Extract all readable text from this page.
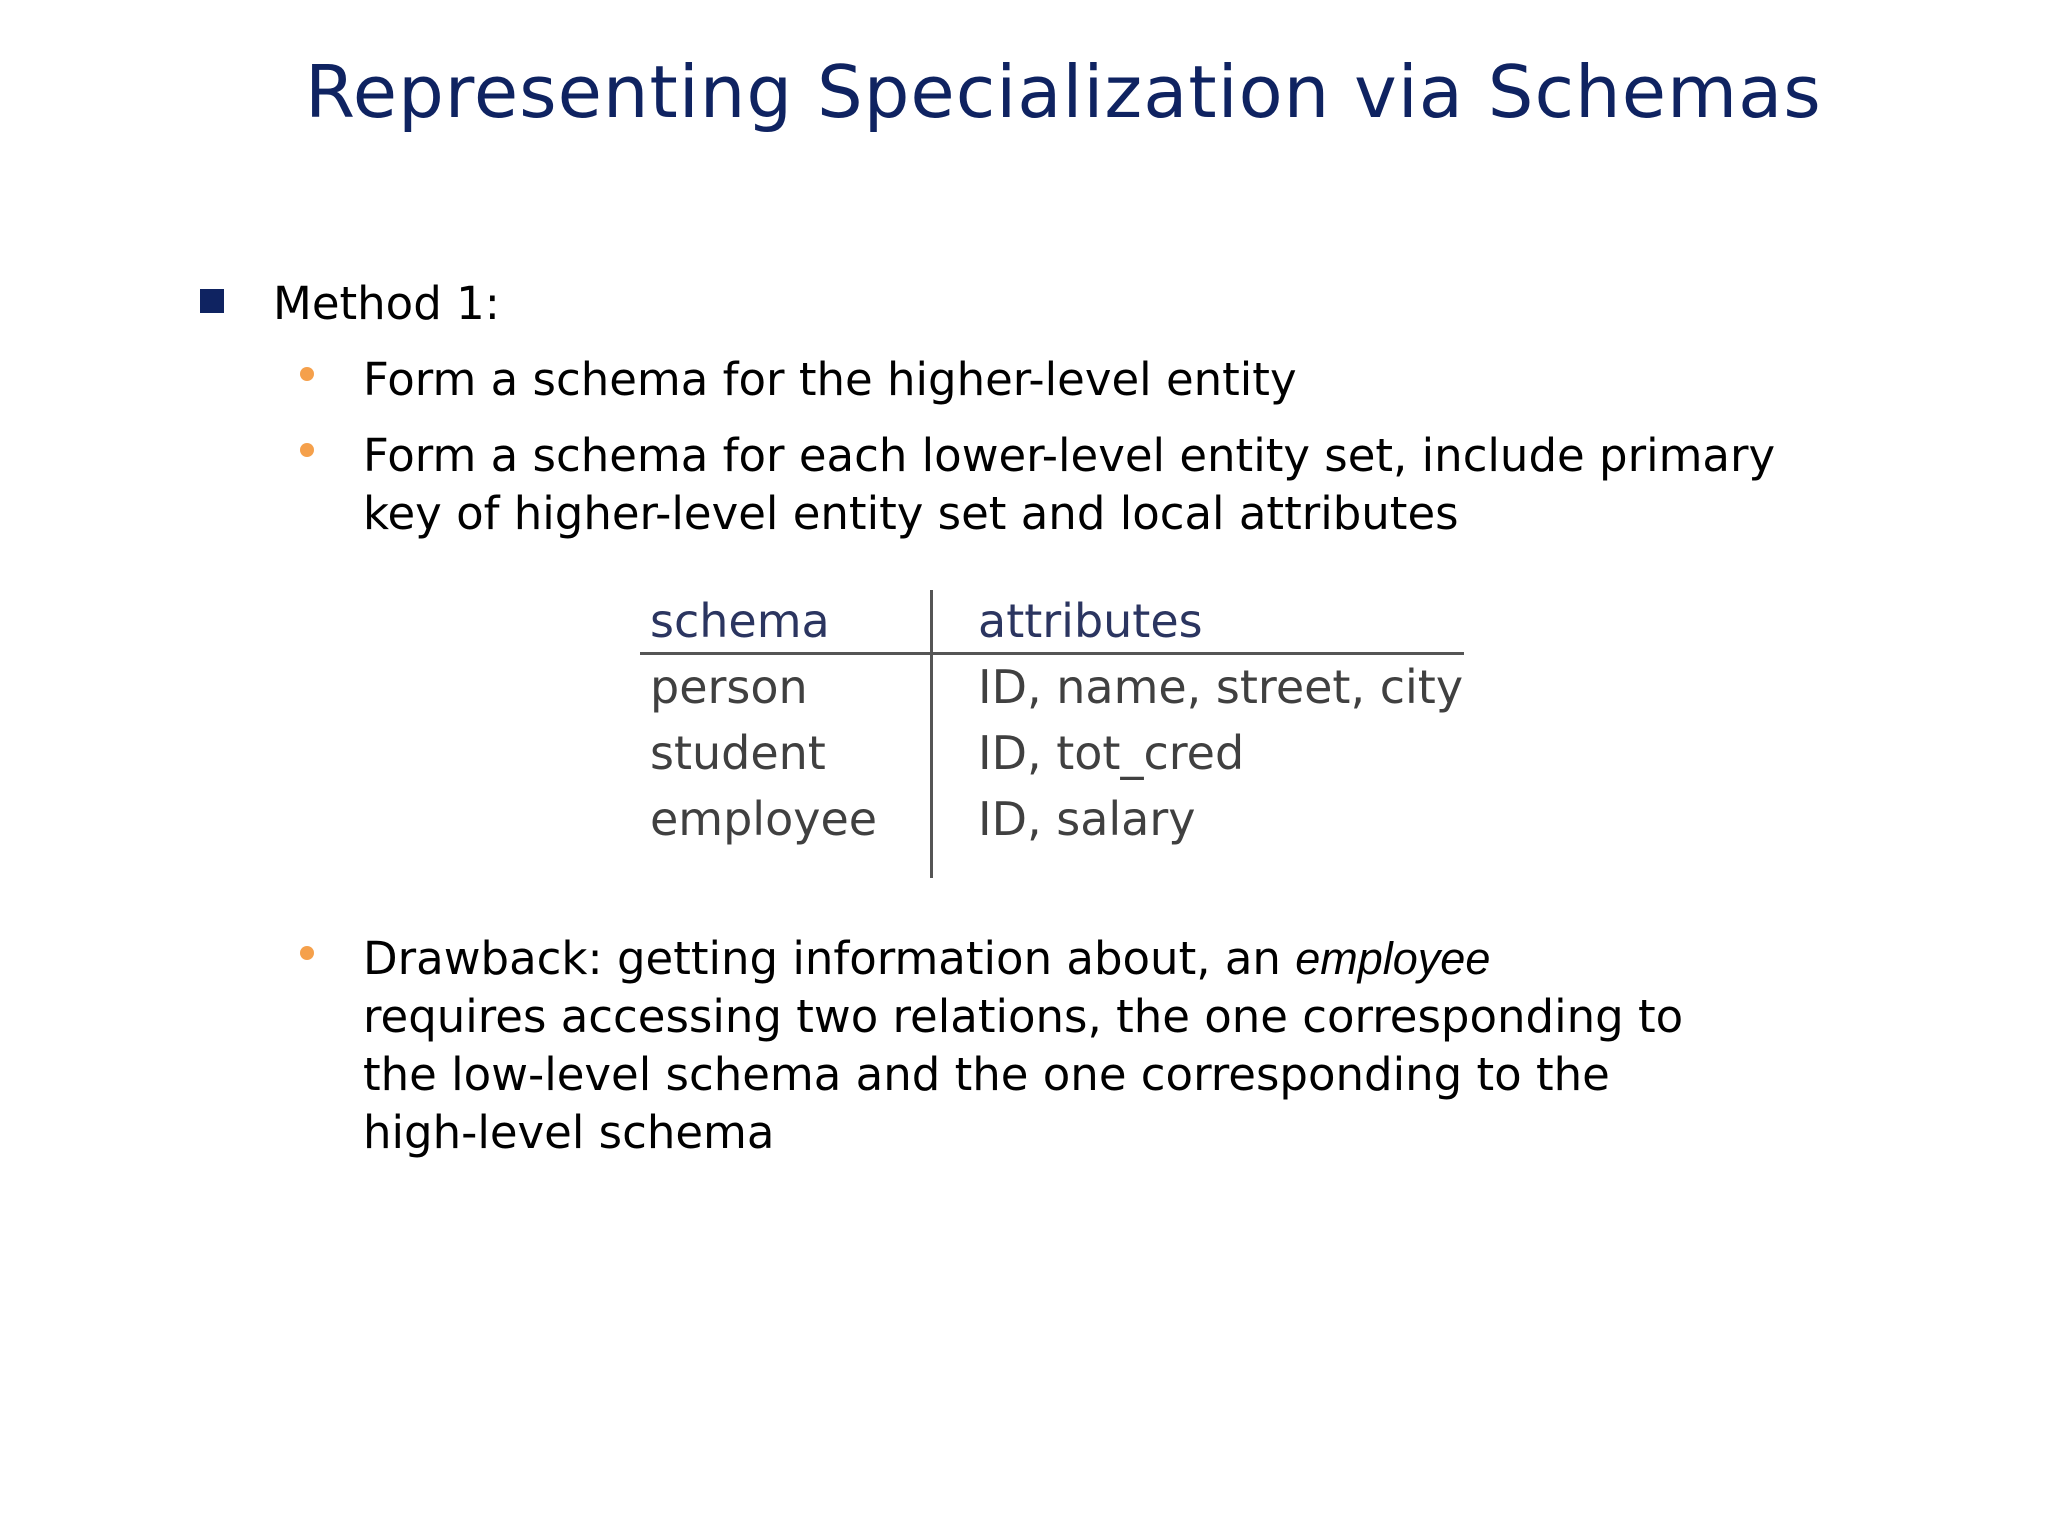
Representing Specialization via Schemas
Method 1:
Form a schema for the higher-level entity
Form a schema for each lower-level entity set, include primary
key of higher-level entity set and local attributes
schema	attributes
person	ID, name, street, city
student	ID, tot_cred
employee ID, salary
Drawback: getting information about, an employee
requires accessing two relations, the one corresponding to
the low-level schema and the one corresponding to the
high-level schema
